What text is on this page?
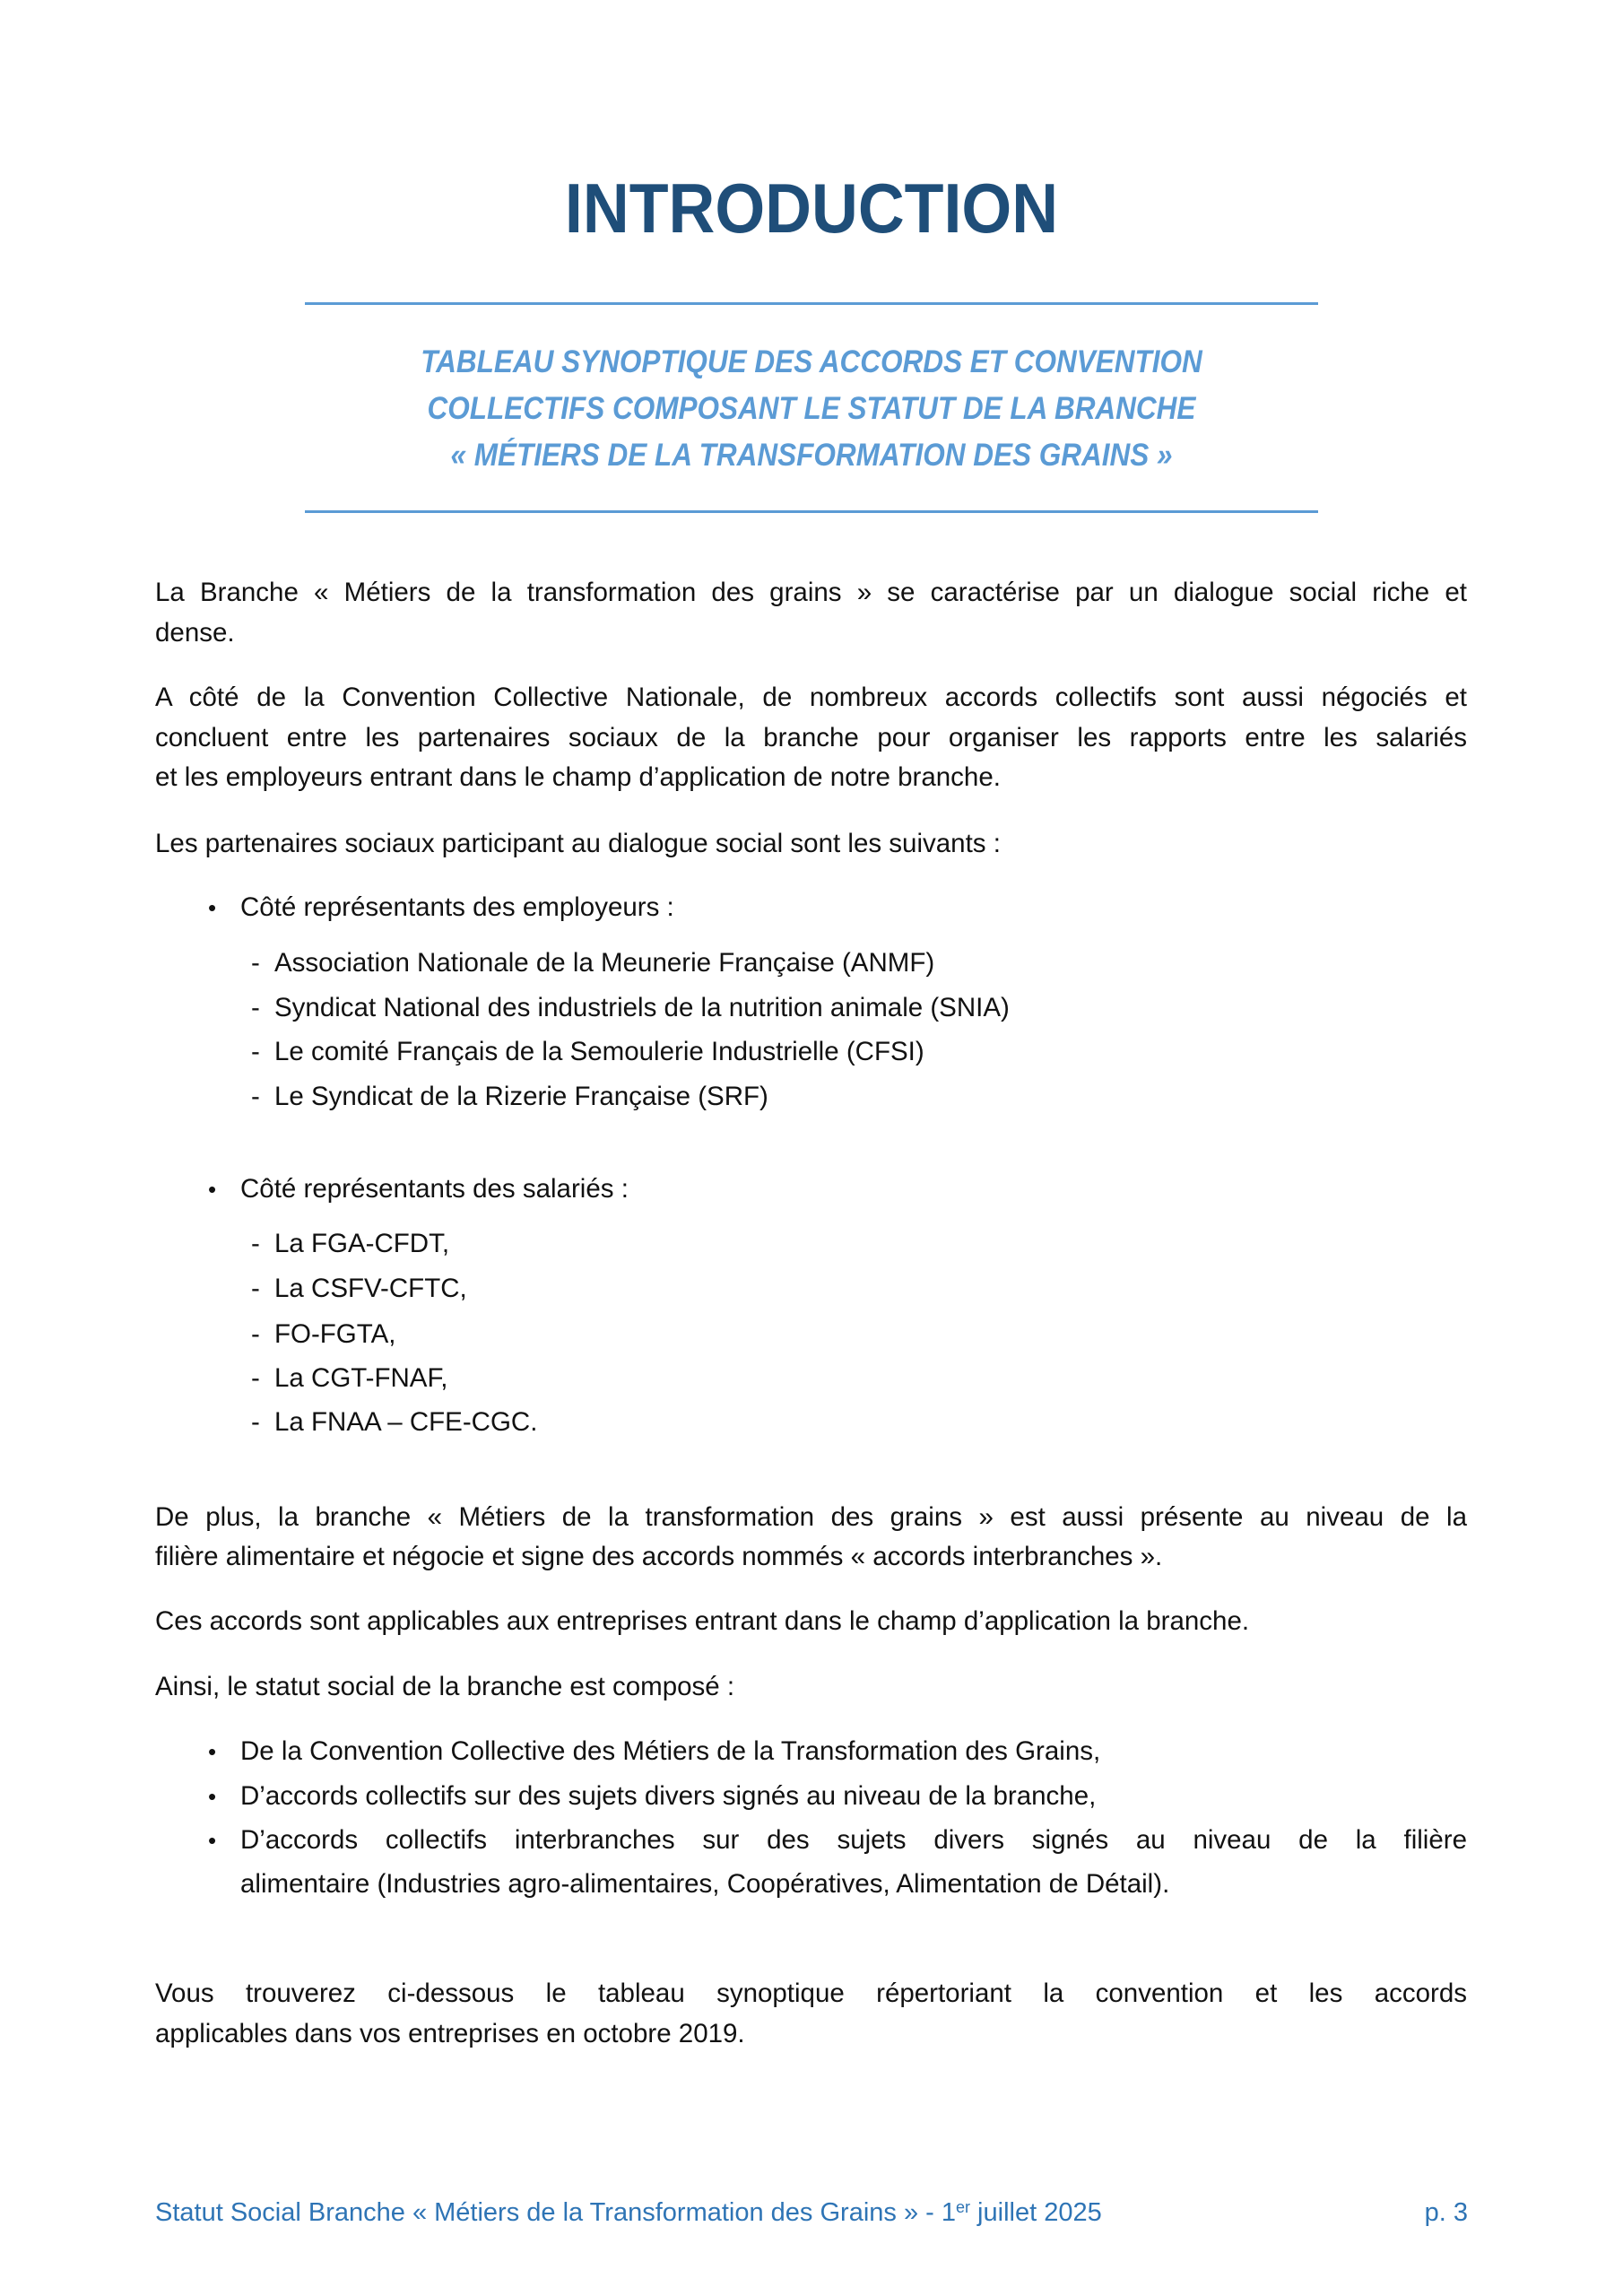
INTRODUCTION
TABLEAU SYNOPTIQUE DES ACCORDS ET CONVENTION
COLLECTIFS COMPOSANT LE STATUT DE LA BRANCHE
« MÉTIERS DE LA TRANSFORMATION DES GRAINS »
La Branche « Métiers de la transformation des grains » se caractérise par un dialogue social riche et
dense.
A côté de la Convention Collective Nationale, de nombreux accords collectifs sont aussi négociés et
concluent entre les partenaires sociaux de la branche pour organiser les rapports entre les salariés
et les employeurs entrant dans le champ d’application de notre branche.
Les partenaires sociaux participant au dialogue social sont les suivants :
• Côté représentants des employeurs :
- Association Nationale de la Meunerie Française (ANMF)
- Syndicat National des industriels de la nutrition animale (SNIA)
- Le comité Français de la Semoulerie Industrielle (CFSI)
- Le Syndicat de la Rizerie Française (SRF)
• Côté représentants des salariés :
- La FGA-CFDT,
- La CSFV-CFTC,
- FO-FGTA,
- La CGT-FNAF,
- La FNAA – CFE-CGC.
De plus, la branche « Métiers de la transformation des grains » est aussi présente au niveau de la
filière alimentaire et négocie et signe des accords nommés « accords interbranches ».
Ces accords sont applicables aux entreprises entrant dans le champ d’application la branche.
Ainsi, le statut social de la branche est composé :
• De la Convention Collective des Métiers de la Transformation des Grains,
• D’accords collectifs sur des sujets divers signés au niveau de la branche,
• D’accords collectifs interbranches sur des sujets divers signés au niveau de la filière
alimentaire (Industries agro-alimentaires, Coopératives, Alimentation de Détail).
Vous trouverez ci-dessous le tableau synoptique répertoriant la convention et les accords
applicables dans vos entreprises en octobre 2019.
Statut Social Branche « Métiers de la Transformation des Grains » - 1er juillet 2025	p. 3
